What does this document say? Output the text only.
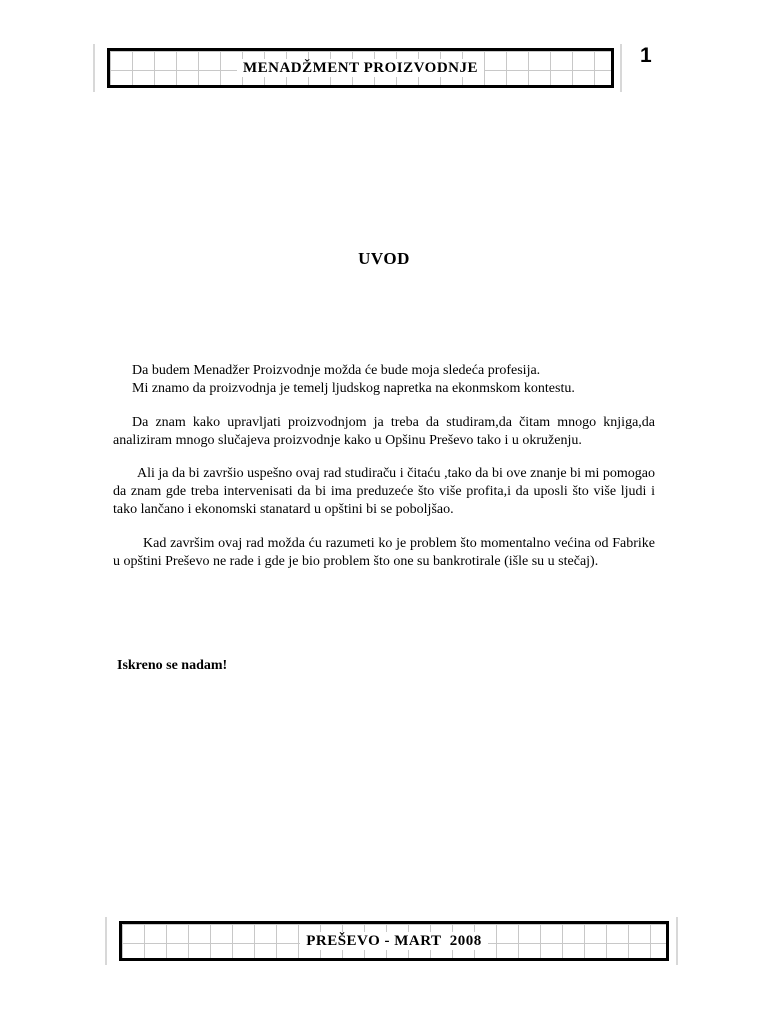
MENADŽMENT PROIZVODNJE
1
UVOD

Da budem Menadžer Proizvodnje možda će bude moja sledeća profesija.

Mi znamo da proizvodnja je temelj ljudskog napretka na ekonmskom kontestu.

Da znam kako upravljati proizvodnjom ja treba da studiram,da čitam mnogo knjiga,da analiziram mnogo slučajeva proizvodnje kako u Opšinu Preševo tako i u okruženju.

Ali ja da bi završio uspešno ovaj rad studiraču i čitaću ,tako da bi ove znanje bi mi pomogao da znam gde treba intervenisati da bi ima preduzeće što više profita,i da uposli što više ljudi i tako lančano i ekonomski stanatard u opštini bi se poboljšao.

Kad završim ovaj rad možda ću razumeti ko je problem što momentalno većina od Fabrike u opštini Preševo ne rade i gde je bio problem što one su bankrotirale (išle su u stečaj).

Iskreno se nadam!
PREŠEVO - MART  2008
